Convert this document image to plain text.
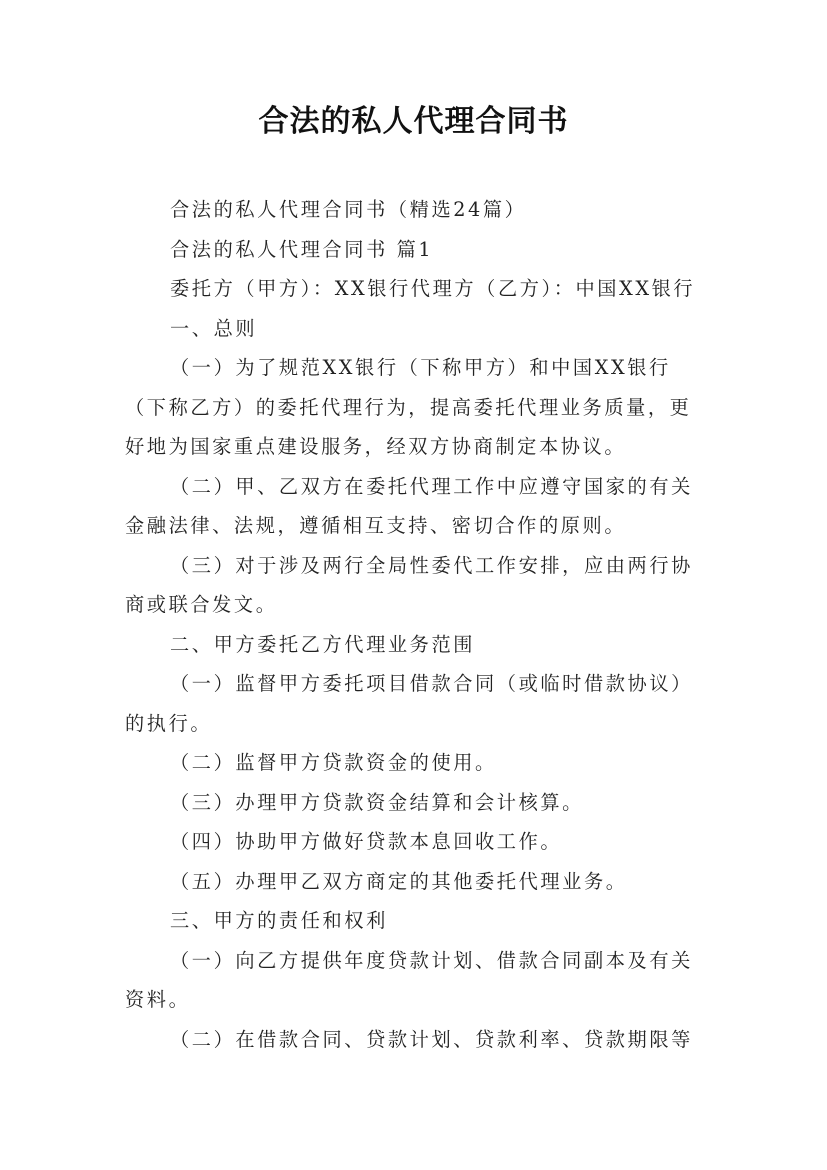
合法的私人代理合同书

合法的私人代理合同书（精选24篇）

合法的私人代理合同书 篇1

委托方（甲方）：XX银行代理方（乙方）：中国XX银行

一、总则

（一）为了规范XX银行（下称甲方）和中国XX银行

（下称乙方）的委托代理行为，提高委托代理业务质量，更

好地为国家重点建设服务，经双方协商制定本协议。

（二）甲、乙双方在委托代理工作中应遵守国家的有关

金融法律、法规，遵循相互支持、密切合作的原则。

（三）对于涉及两行全局性委代工作安排，应由两行协

商或联合发文。

二、甲方委托乙方代理业务范围

（一）监督甲方委托项目借款合同（或临时借款协议）

的执行。

（二）监督甲方贷款资金的使用。

（三）办理甲方贷款资金结算和会计核算。

（四）协助甲方做好贷款本息回收工作。

（五）办理甲乙双方商定的其他委托代理业务。

三、甲方的责任和权利

（一）向乙方提供年度贷款计划、借款合同副本及有关

资料。

（二）在借款合同、贷款计划、贷款利率、贷款期限等
